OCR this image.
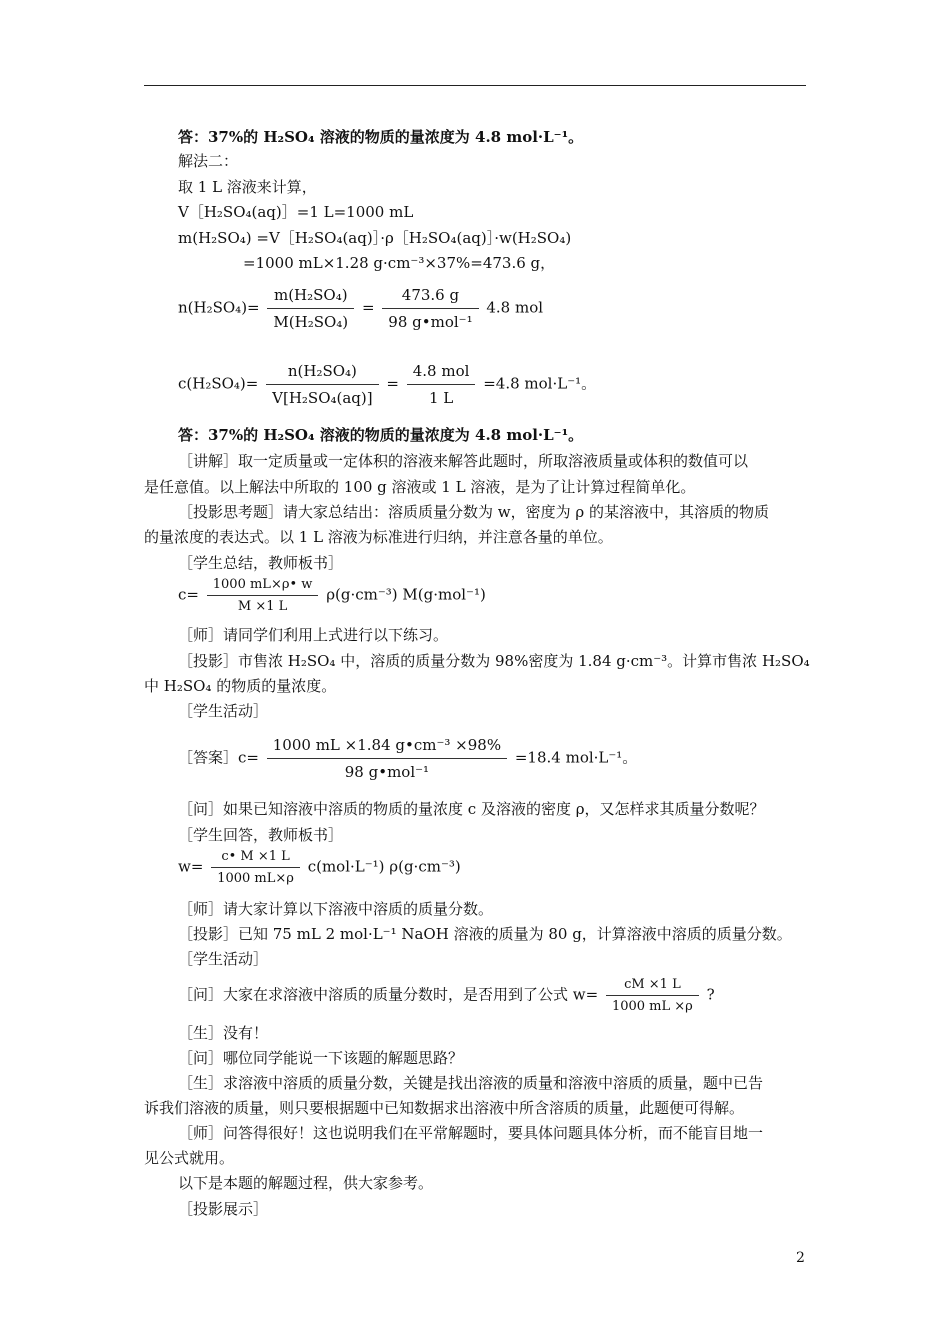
答：37%的 H₂SO₄ 溶液的物质的量浓度为 4.8 mol·L⁻¹。
解法二：
取 1 L 溶液来计算，
V［H₂SO₄(aq)］=1 L=1000 mL
m(H₂SO₄) =V［H₂SO₄(aq)］·ρ［H₂SO₄(aq)］·w(H₂SO₄)
=1000 mL×1.28 g·cm⁻³×37%=473.6 g，
$n(H_2SO_4)= \frac{\text{m(H₂SO₄)}}{\text{M(H₂SO₄)}} = \frac{473.6 g}{\text{98 g•mol⁻¹}} 4.8$ mol
$c(H_2SO_4)= \frac{\text{n(H₂SO₄)}}{\text{V[H₂SO₄(aq)]}} = \frac{\text{4.8 mol}}{1 L} =4.8$ mol·L⁻¹。
答：37%的 H₂SO₄ 溶液的物质的量浓度为 4.8 mol·L⁻¹。
［讲解］取一定质量或一定体积的溶液来解答此题时，所取溶液质量或体积的数值可以
是任意值。以上解法中所取的 100 g 溶液或 1 L 溶液，是为了让计算过程简单化。
［投影思考题］请大家总结出：溶质质量分数为 w，密度为 ρ 的某溶液中，其溶质的物质
的量浓度的表达式。以 1 L 溶液为标准进行归纳，并注意各量的单位。
［学生总结，教师板书］
$c= \frac{1000 mL\times\rho• w}{M \times 1 L} \rho(g\cdot cm^{-3})$ M(g·mol⁻¹)
［师］请同学们利用上式进行以下练习。
［投影］市售浓 H₂SO₄ 中，溶质的质量分数为 98%密度为 1.84 g·cm⁻³。计算市售浓 H₂SO₄
中 H₂SO₄ 的物质的量浓度。
［学生活动］
［答案］c= $\frac{\text{1000 mL ×1.84 g•cm⁻³ ×98\%}}{\text{98 g•mol⁻¹}} =18.4$ mol·L⁻¹。
［问］如果已知溶液中溶质的物质的量浓度 c 及溶液的密度 ρ，又怎样求其质量分数呢？
［学生回答，教师板书］
$w= \frac{c• M \times 1 L}{1000 mL\times\rho} c(mol\cdot L^{-1})$ ρ(g·cm⁻³)
［师］请大家计算以下溶液中溶质的质量分数。
［投影］已知 75 mL 2 mol·L⁻¹ NaOH 溶液的质量为 80 g，计算溶液中溶质的质量分数。
［学生活动］
［问］大家在求溶液中溶质的质量分数时，是否用到了公式 $w= \frac{cM \times 1 L}{1000 mL \times\rho}$ ?
［生］没有！
［问］哪位同学能说一下该题的解题思路？
［生］求溶液中溶质的质量分数，关键是找出溶液的质量和溶液中溶质的质量，题中已告
诉我们溶液的质量，则只要根据题中已知数据求出溶液中所含溶质的质量，此题便可得解。
［师］问答得很好！这也说明我们在平常解题时，要具体问题具体分析，而不能盲目地一
见公式就用。
以下是本题的解题过程，供大家参考。
［投影展示］
2
